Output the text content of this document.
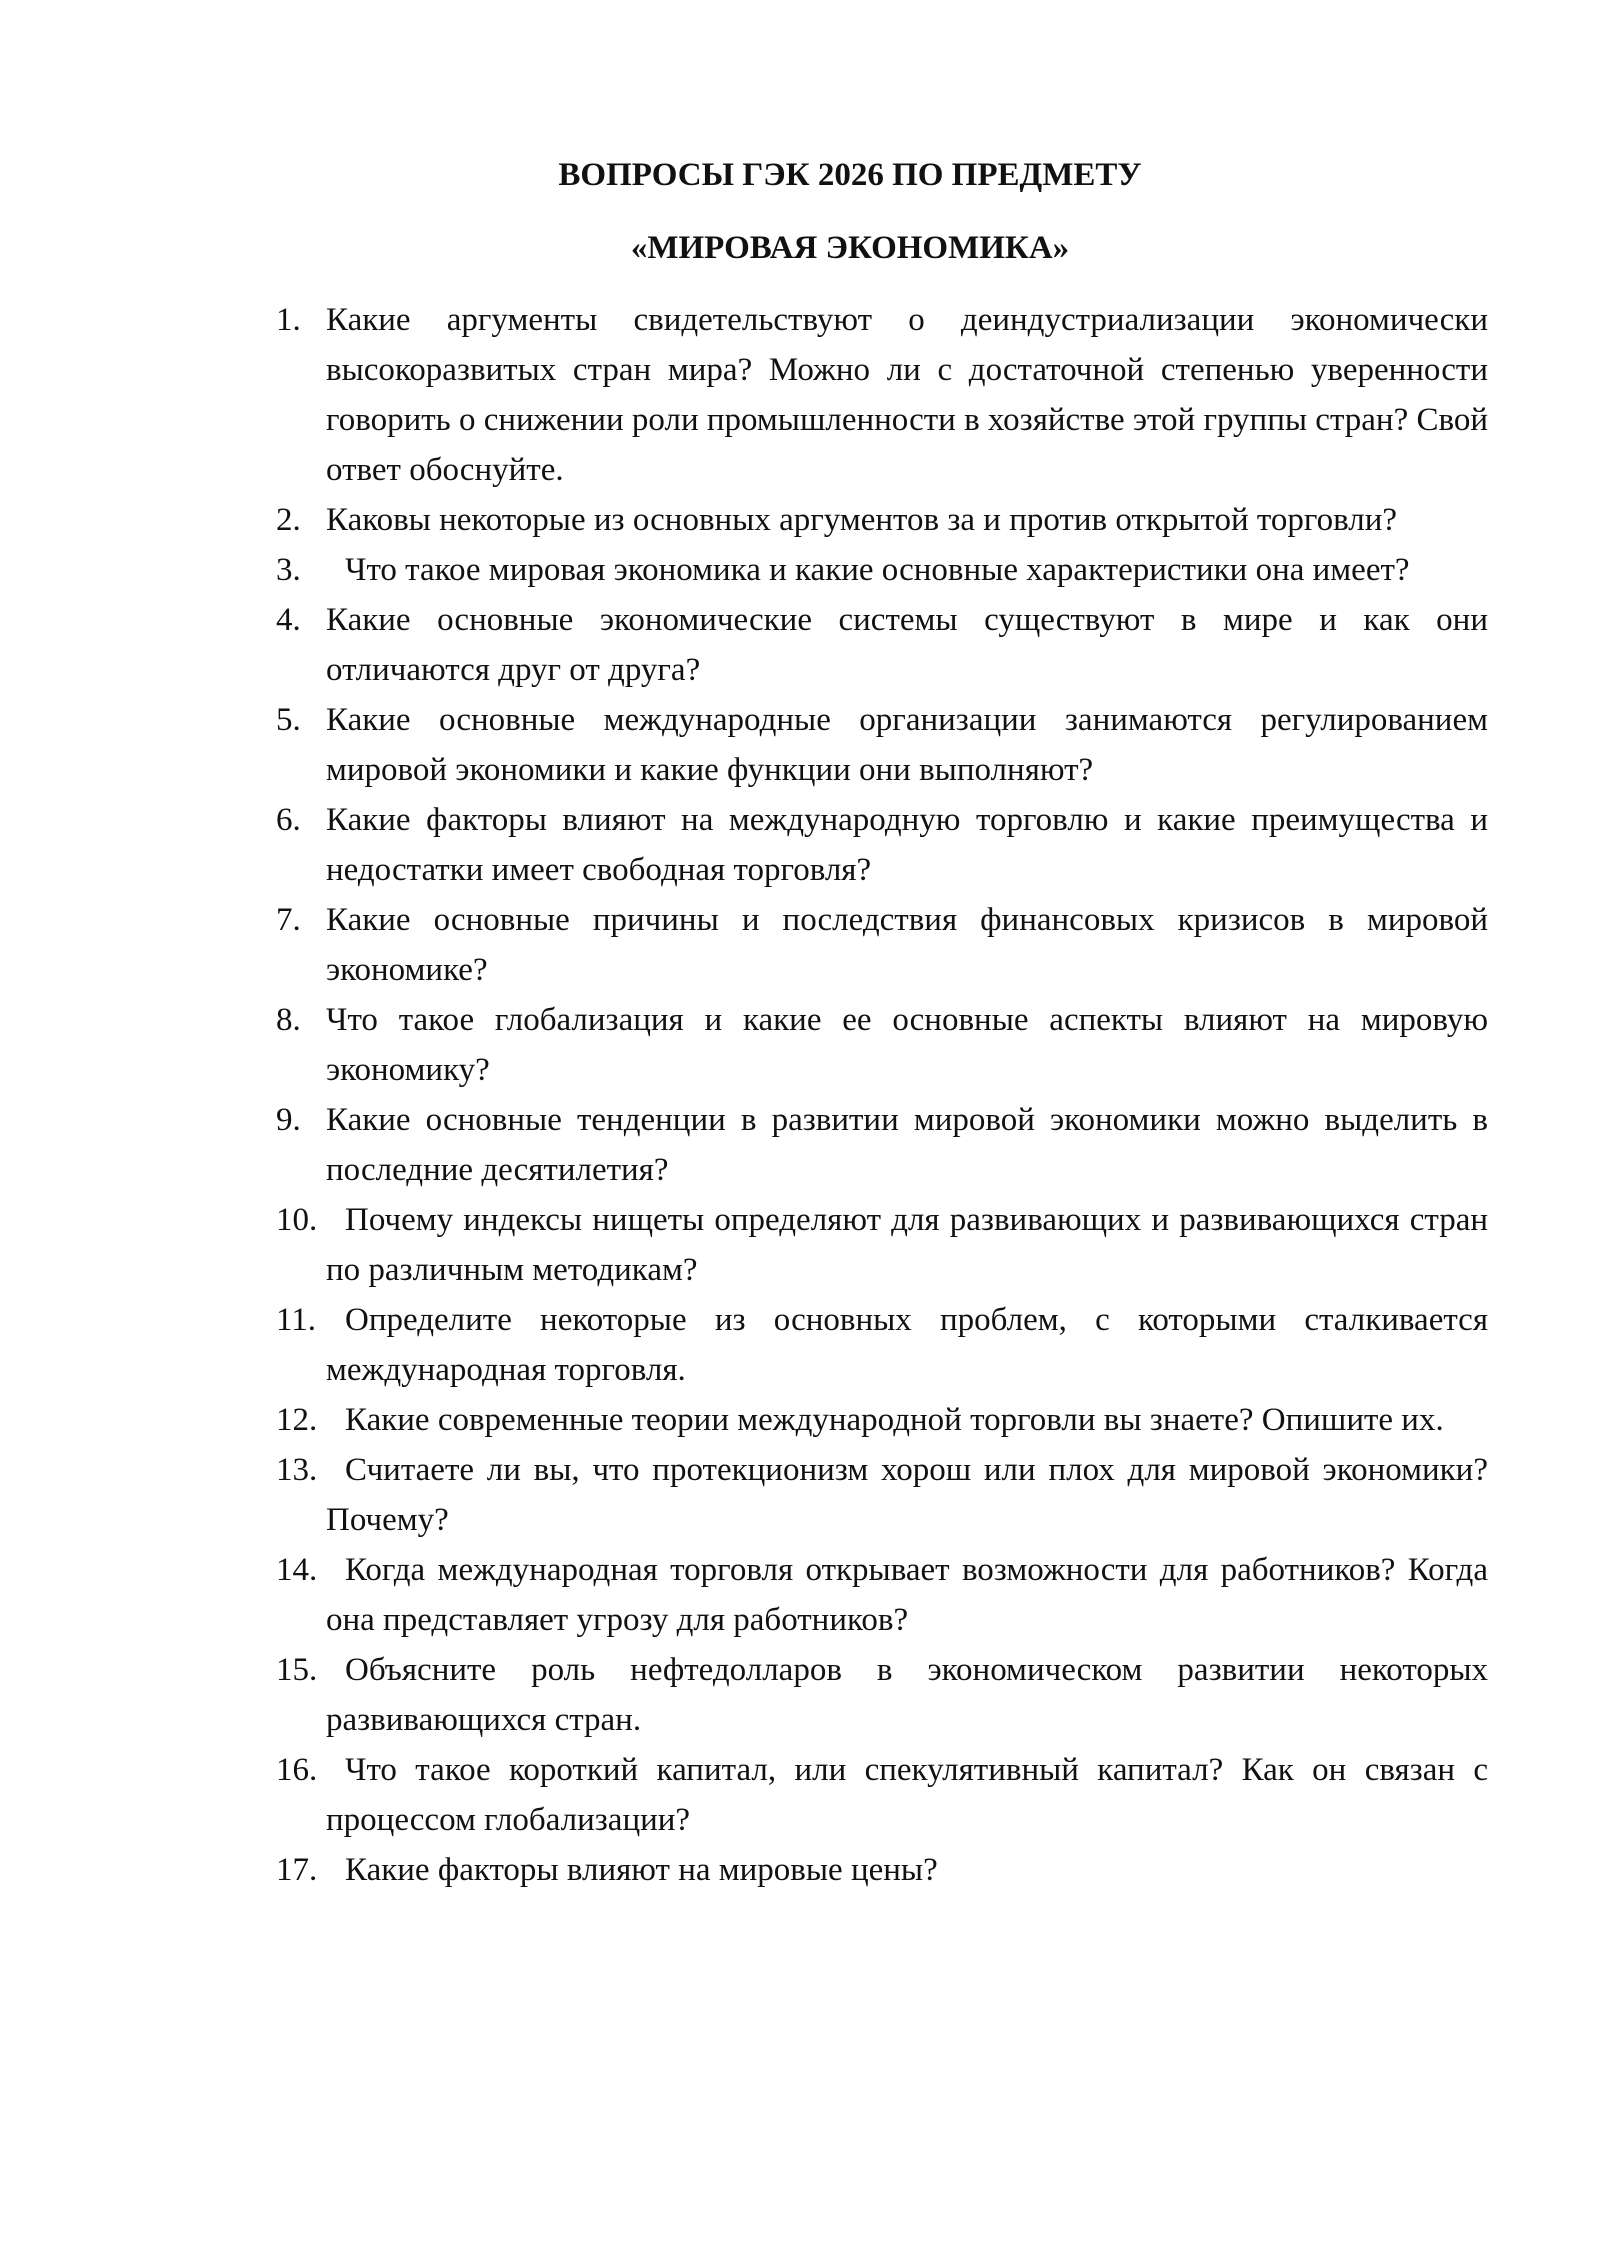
ВОПРОСЫ ГЭК 2026 ПО ПРЕДМЕТУ
«МИРОВАЯ ЭКОНОМИКА»
1. Какие аргументы свидетельствуют о деиндустриализации экономически высокоразвитых стран мира? Можно ли с достаточной степенью уверенности говорить о снижении роли промышленности в хозяйстве этой группы стран? Свой ответ обоснуйте.
2. Каковы некоторые из основных аргументов за и против открытой торговли?
3.	Что такое мировая экономика и какие основные характеристики она имеет?
4. Какие основные экономические системы существуют в мире и как они отличаются друг от друга?
5. Какие основные международные организации занимаются регулированием мировой экономики и какие функции они выполняют?
6. Какие факторы влияют на международную торговлю и какие преимущества и недостатки имеет свободная торговля?
7. Какие основные причины и последствия финансовых кризисов в мировой экономике?
8. Что такое глобализация и какие ее основные аспекты влияют на мировую экономику?
9. Какие основные тенденции в развитии мировой экономики можно выделить в последние десятилетия?
10. Почему индексы нищеты определяют для развивающих и развивающихся стран по различным методикам?
11. Определите некоторые из основных проблем, с которыми сталкивается международная торговля.
12. Какие современные теории международной торговли вы знаете? Опишите их.
13. Считаете ли вы, что протекционизм хорош или плох для мировой экономики? Почему?
14. Когда международная торговля открывает возможности для работников? Когда она представляет угрозу для работников?
15. Объясните роль нефтедолларов в экономическом развитии некоторых развивающихся стран.
16. Что такое короткий капитал, или спекулятивный капитал? Как он связан с процессом глобализации?
17. Какие факторы влияют на мировые цены?
